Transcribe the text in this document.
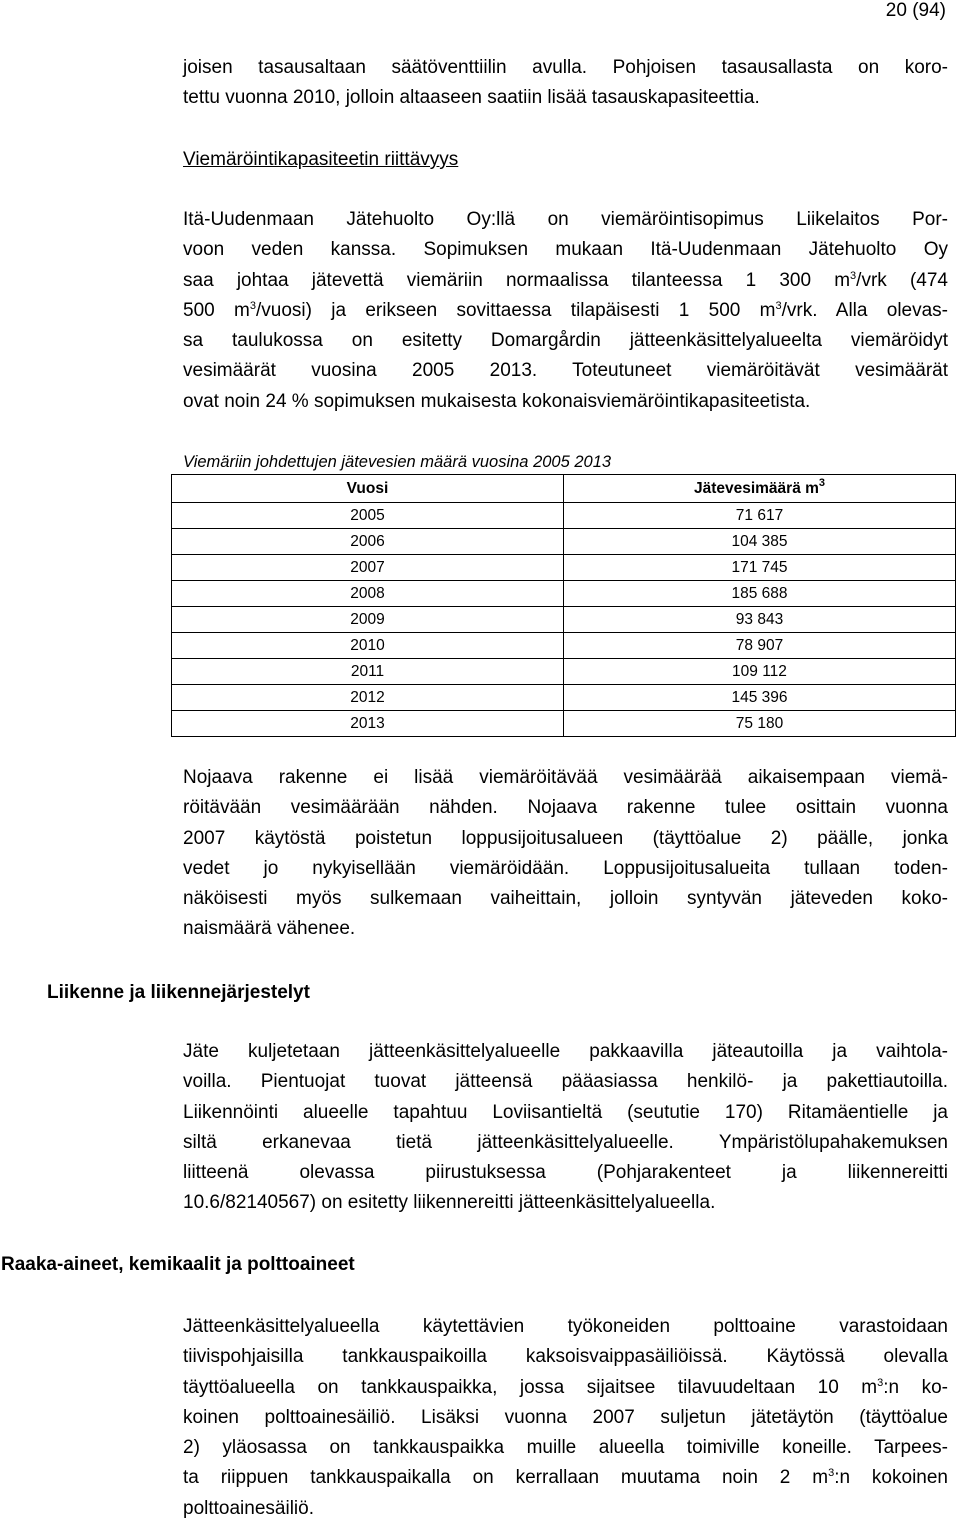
20 (94)

joisen tasausaltaan säätöventtiilin avulla. Pohjoisen tasausallasta on koro-
tettu vuonna 2010, jolloin altaaseen saatiin lisää tasauskapasiteettia.

Viemäröintikapasiteetin riittävyys

Itä-Uudenmaan Jätehuolto Oy:llä on viemäröintisopimus Liikelaitos Por-
voon veden kanssa. Sopimuksen mukaan Itä-Uudenmaan Jätehuolto Oy
saa johtaa jätevettä viemäriin normaalissa tilanteessa 1 300 $m^3$/vrk (474
500 $m^3/vuosi$) ja erikseen sovittaessa tilapäisesti 1 500 $m^3$/vrk. Alla olevas-
sa taulukossa on esitetty Domargårdin jätteenkäsittelyalueelta viemäröidyt
vesimäärät vuosina 2005 2013. Toteutuneet viemäröitävät vesimäärät
ovat noin 24 % sopimuksen mukaisesta kokonaisviemäröintikapasiteetista.

Viemäriin johdettujen jätevesien määrä vuosina 2005 2013
Vuosi	Jätevesimäärä $m^3$
2005	71 617
2006	104 385
2007	171 745
2008	185 688
2009	93 843
2010	78 907
2011	109 112
2012	145 396
2013	75 180

Nojaava rakenne ei lisää viemäröitävää vesimäärää aikaisempaan viemä-
röitävään vesimäärään nähden. Nojaava rakenne tulee osittain vuonna
2007 käytöstä poistetun loppusijoitusalueen (täyttöalue 2) päälle, jonka
vedet jo nykyisellään viemäröidään. Loppusijoitusalueita tullaan toden-
näköisesti myös sulkemaan vaiheittain, jolloin syntyvän jäteveden koko-
naismäärä vähenee.

Liikenne ja liikennejärjestelyt

Jäte kuljetetaan jätteenkäsittelyalueelle pakkaavilla jäteautoilla ja vaihtola-
voilla. Pientuojat tuovat jätteensä pääasiassa henkilö- ja pakettiautoilla.
Liikennöinti alueelle tapahtuu Loviisantieltä (seututie 170) Ritamäentielle ja
siltä erkanevaa tietä jätteenkäsittelyalueelle. Ympäristölupahakemuksen
liitteenä olevassa piirustuksessa (Pohjarakenteet ja liikennereitti
10.6/82140567) on esitetty liikennereitti jätteenkäsittelyalueella.

Raaka-aineet, kemikaalit ja polttoaineet

Jätteenkäsittelyalueella käytettävien työkoneiden polttoaine varastoidaan
tiivispohjaisilla tankkauspaikoilla kaksoisvaippasäiliöissä. Käytössä olevalla
täyttöalueella on tankkauspaikka, jossa sijaitsee tilavuudeltaan 10 $m^3:n$ ko-
koinen polttoainesäiliö. Lisäksi vuonna 2007 suljetun jätetäytön (täyttöalue
2) yläosassa on tankkauspaikka muille alueella toimiville koneille. Tarpees-
ta riippuen tankkauspaikalla on kerrallaan muutama noin 2 $m^3:n$ kokoinen
polttoainesäiliö.
